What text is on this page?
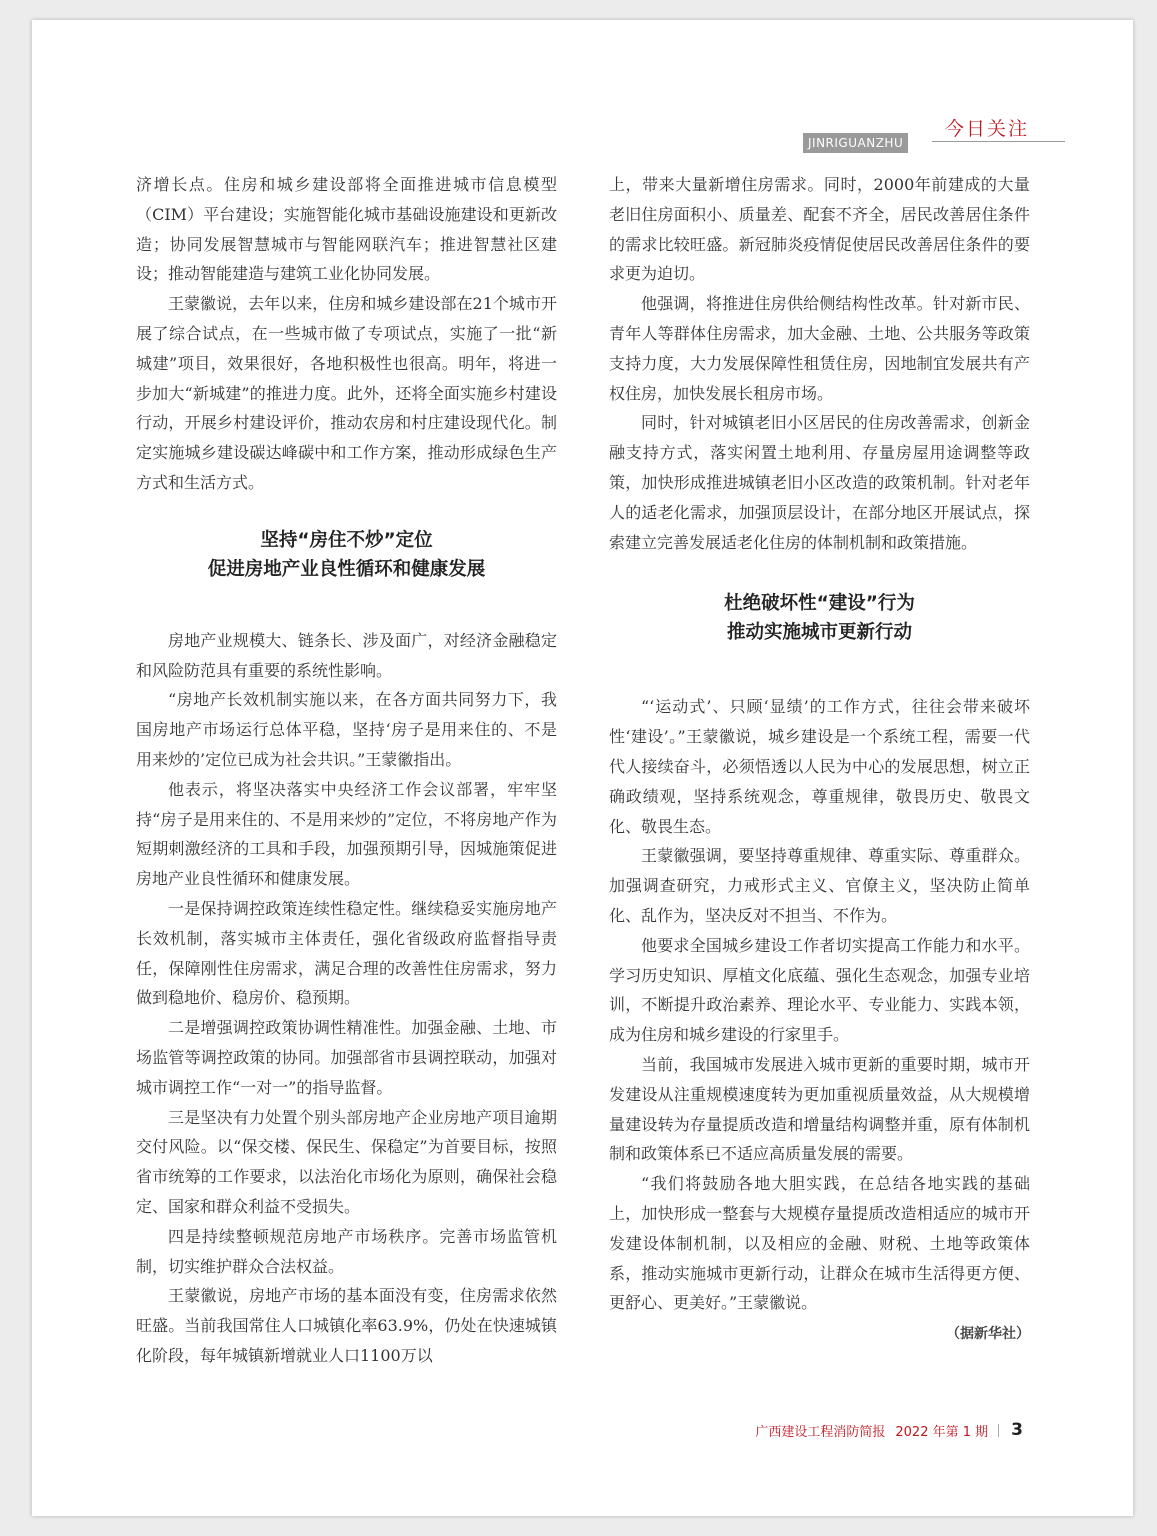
今日关注
JINRIGUANZHU

济增长点。住房和城乡建设部将全面推进城市信息模型（CIM）平台建设；实施智能化城市基础设施建设和更新改造；协同发展智慧城市与智能网联汽车；推进智慧社区建设；推动智能建造与建筑工业化协同发展。

王蒙徽说，去年以来，住房和城乡建设部在21个城市开展了综合试点，在一些城市做了专项试点，实施了一批“新城建”项目，效果很好，各地积极性也很高。明年，将进一步加大“新城建”的推进力度。此外，还将全面实施乡村建设行动，开展乡村建设评价，推动农房和村庄建设现代化。制定实施城乡建设碳达峰碳中和工作方案，推动形成绿色生产方式和生活方式。

坚持“房住不炒”定位
促进房地产业良性循环和健康发展

房地产业规模大、链条长、涉及面广，对经济金融稳定和风险防范具有重要的系统性影响。

“房地产长效机制实施以来，在各方面共同努力下，我国房地产市场运行总体平稳，坚持‘房子是用来住的、不是用来炒的’定位已成为社会共识。”王蒙徽指出。

他表示，将坚决落实中央经济工作会议部署，牢牢坚持“房子是用来住的、不是用来炒的”定位，不将房地产作为短期刺激经济的工具和手段，加强预期引导，因城施策促进房地产业良性循环和健康发展。

一是保持调控政策连续性稳定性。继续稳妥实施房地产长效机制，落实城市主体责任，强化省级政府监督指导责任，保障刚性住房需求，满足合理的改善性住房需求，努力做到稳地价、稳房价、稳预期。

二是增强调控政策协调性精准性。加强金融、土地、市场监管等调控政策的协同。加强部省市县调控联动，加强对城市调控工作“一对一”的指导监督。

三是坚决有力处置个别头部房地产企业房地产项目逾期交付风险。以“保交楼、保民生、保稳定”为首要目标，按照省市统筹的工作要求，以法治化市场化为原则，确保社会稳定、国家和群众利益不受损失。

四是持续整顿规范房地产市场秩序。完善市场监管机制，切实维护群众合法权益。

王蒙徽说，房地产市场的基本面没有变，住房需求依然旺盛。当前我国常住人口城镇化率63.9%，仍处在快速城镇化阶段，每年城镇新增就业人口1100万以

上，带来大量新增住房需求。同时，2000年前建成的大量老旧住房面积小、质量差、配套不齐全，居民改善居住条件的需求比较旺盛。新冠肺炎疫情促使居民改善居住条件的要求更为迫切。

他强调，将推进住房供给侧结构性改革。针对新市民、青年人等群体住房需求，加大金融、土地、公共服务等政策支持力度，大力发展保障性租赁住房，因地制宜发展共有产权住房，加快发展长租房市场。

同时，针对城镇老旧小区居民的住房改善需求，创新金融支持方式，落实闲置土地利用、存量房屋用途调整等政策，加快形成推进城镇老旧小区改造的政策机制。针对老年人的适老化需求，加强顶层设计，在部分地区开展试点，探索建立完善发展适老化住房的体制机制和政策措施。

杜绝破坏性“建设”行为
推动实施城市更新行动

“‘运动式’、只顾‘显绩’的工作方式，往往会带来破坏性‘建设’。”王蒙徽说，城乡建设是一个系统工程，需要一代代人接续奋斗，必须悟透以人民为中心的发展思想，树立正确政绩观，坚持系统观念，尊重规律，敬畏历史、敬畏文化、敬畏生态。

王蒙徽强调，要坚持尊重规律、尊重实际、尊重群众。加强调查研究，力戒形式主义、官僚主义，坚决防止简单化、乱作为，坚决反对不担当、不作为。

他要求全国城乡建设工作者切实提高工作能力和水平。学习历史知识、厚植文化底蕴、强化生态观念，加强专业培训，不断提升政治素养、理论水平、专业能力、实践本领，成为住房和城乡建设的行家里手。

当前，我国城市发展进入城市更新的重要时期，城市开发建设从注重规模速度转为更加重视质量效益，从大规模增量建设转为存量提质改造和增量结构调整并重，原有体制机制和政策体系已不适应高质量发展的需要。

“我们将鼓励各地大胆实践，在总结各地实践的基础上，加快形成一整套与大规模存量提质改造相适应的城市开发建设体制机制，以及相应的金融、财税、土地等政策体系，推动实施城市更新行动，让群众在城市生活得更方便、更舒心、更美好。”王蒙徽说。

（据新华社）
广西建设工程消防简报 2022 年第 1 期 3
